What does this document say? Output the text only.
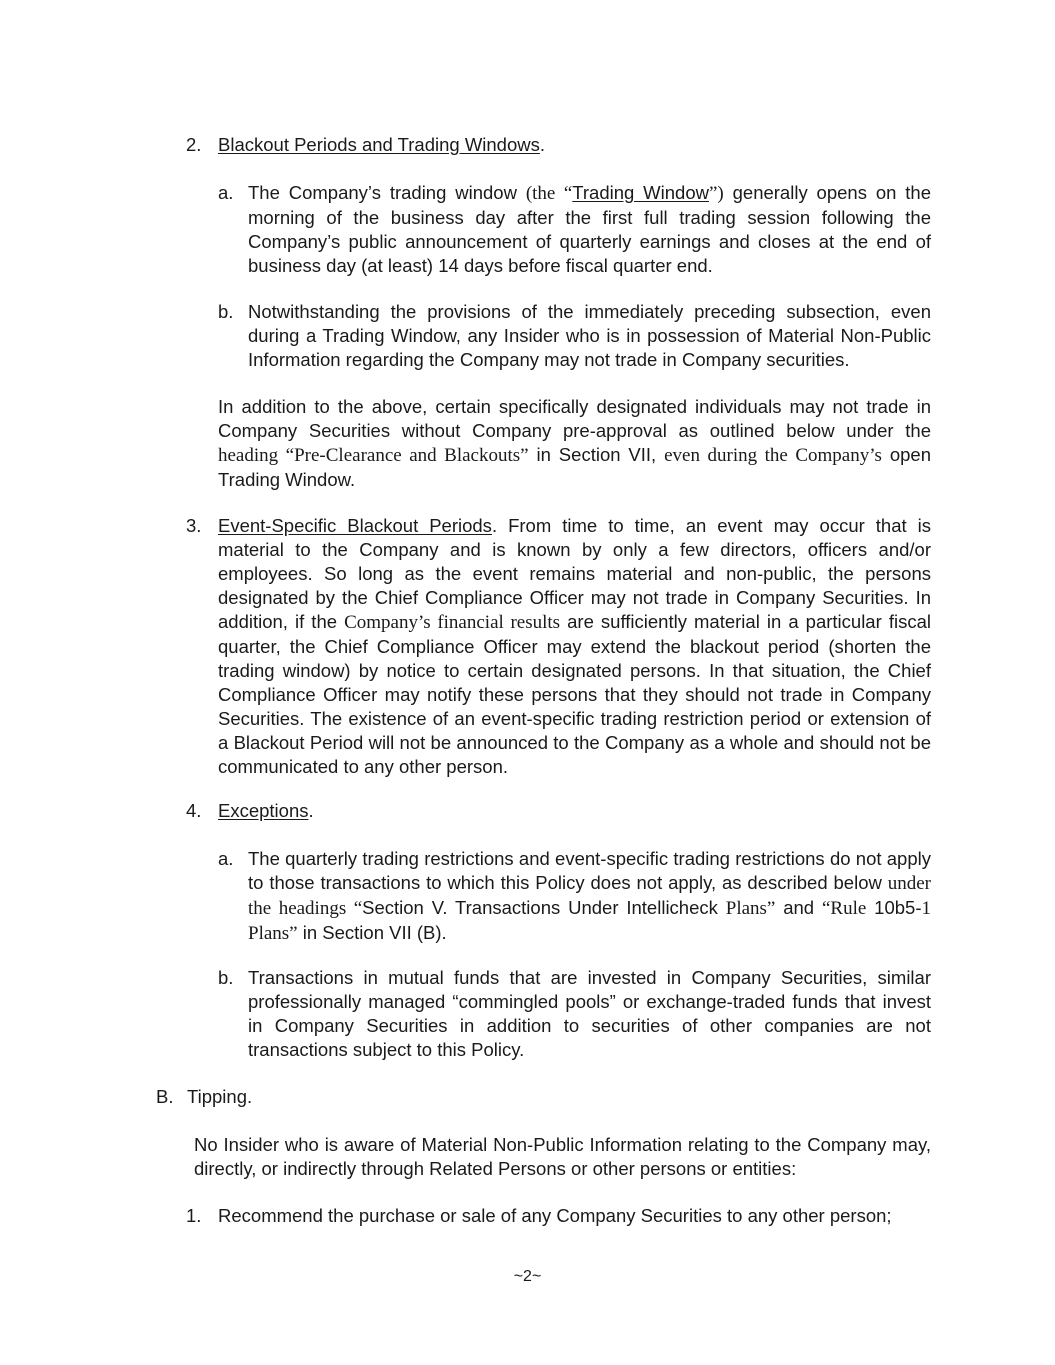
2. Blackout Periods and Trading Windows.
a. The Company’s trading window (the “Trading Window”) generally opens on the morning of the business day after the first full trading session following the Company’s public announcement of quarterly earnings and closes at the end of business day (at least) 14 days before fiscal quarter end.
b. Notwithstanding the provisions of the immediately preceding subsection, even during a Trading Window, any Insider who is in possession of Material Non-Public Information regarding the Company may not trade in Company securities.
In addition to the above, certain specifically designated individuals may not trade in Company Securities without Company pre-approval as outlined below under the heading “Pre-Clearance and Blackouts” in Section VII, even during the Company’s open Trading Window.
3. Event-Specific Blackout Periods. From time to time, an event may occur that is material to the Company and is known by only a few directors, officers and/or employees. So long as the event remains material and non-public, the persons designated by the Chief Compliance Officer may not trade in Company Securities. In addition, if the Company’s financial results are sufficiently material in a particular fiscal quarter, the Chief Compliance Officer may extend the blackout period (shorten the trading window) by notice to certain designated persons. In that situation, the Chief Compliance Officer may notify these persons that they should not trade in Company Securities. The existence of an event-specific trading restriction period or extension of a Blackout Period will not be announced to the Company as a whole and should not be communicated to any other person.
4. Exceptions.
a. The quarterly trading restrictions and event-specific trading restrictions do not apply to those transactions to which this Policy does not apply, as described below under the headings “Section V. Transactions Under Intellicheck Plans” and “Rule 10b5-1 Plans” in Section VII (B).
b. Transactions in mutual funds that are invested in Company Securities, similar professionally managed “commingled pools” or exchange-traded funds that invest in Company Securities in addition to securities of other companies are not transactions subject to this Policy.
B. Tipping.
No Insider who is aware of Material Non-Public Information relating to the Company may, directly, or indirectly through Related Persons or other persons or entities:
1. Recommend the purchase or sale of any Company Securities to any other person;
~2~
